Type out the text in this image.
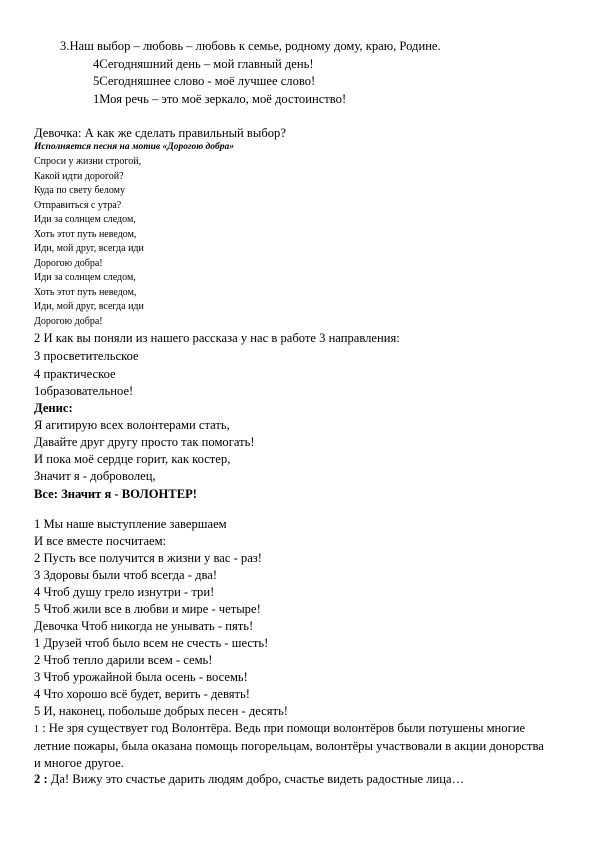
3.Наш выбор – любовь – любовь к семье, родному дому, краю, Родине.
4Сегодняшний день – мой главный день!
5Сегодняшнее слово - моё лучшее слово!
1Моя речь – это моё зеркало, моё достоинство!
Девочка: А как же сделать правильный выбор?
Исполняется песня на мотив «Дорогою добра»
Спроси у жизни строгой,
Какой идти дорогой?
Куда по свету белому
Отправиться с утра?
Иди за солнцем следом,
Хоть этот путь неведом,
Иди, мой друг, всегда иди
Дорогою добра!
Иди за солнцем следом,
Хоть этот путь неведом,
Иди, мой друг, всегда иди
Дорогою добра!
2 И как вы поняли из нашего рассказа у нас в работе 3 направления:
3 просветительское
4 практическое
1образовательное!
Денис:
Я агитирую всех волонтерами стать,
Давайте друг другу просто так помогать!
И пока моё сердце горит, как костер,
Значит я - доброволец,
Все: Значит я - ВОЛОНТЕР!
1 Мы наше выступление завершаем
И все вместе посчитаем:
2 Пусть все получится в жизни у вас - раз!
3 Здоровы были чтоб всегда - два!
4 Чтоб душу грело изнутри - три!
5 Чтоб жили все в любви и мире - четыре!
Девочка Чтоб никогда не унывать - пять!
1 Друзей чтоб было всем не счесть - шесть!
2 Чтоб тепло дарили всем - семь!
3 Чтоб урожайной была осень - восемь!
4 Что хорошо всё будет, верить - девять!
5 И, наконец, побольше добрых песен - десять!
1 : Не зря существует год Волонтёра. Ведь при помощи волонтёров были потушены многие летние пожары, была оказана помощь погорельцам, волонтёры участвовали в акции донорства и многое другое.
2 : Да! Вижу это счастье дарить людям добро, счастье видеть радостные лица…
